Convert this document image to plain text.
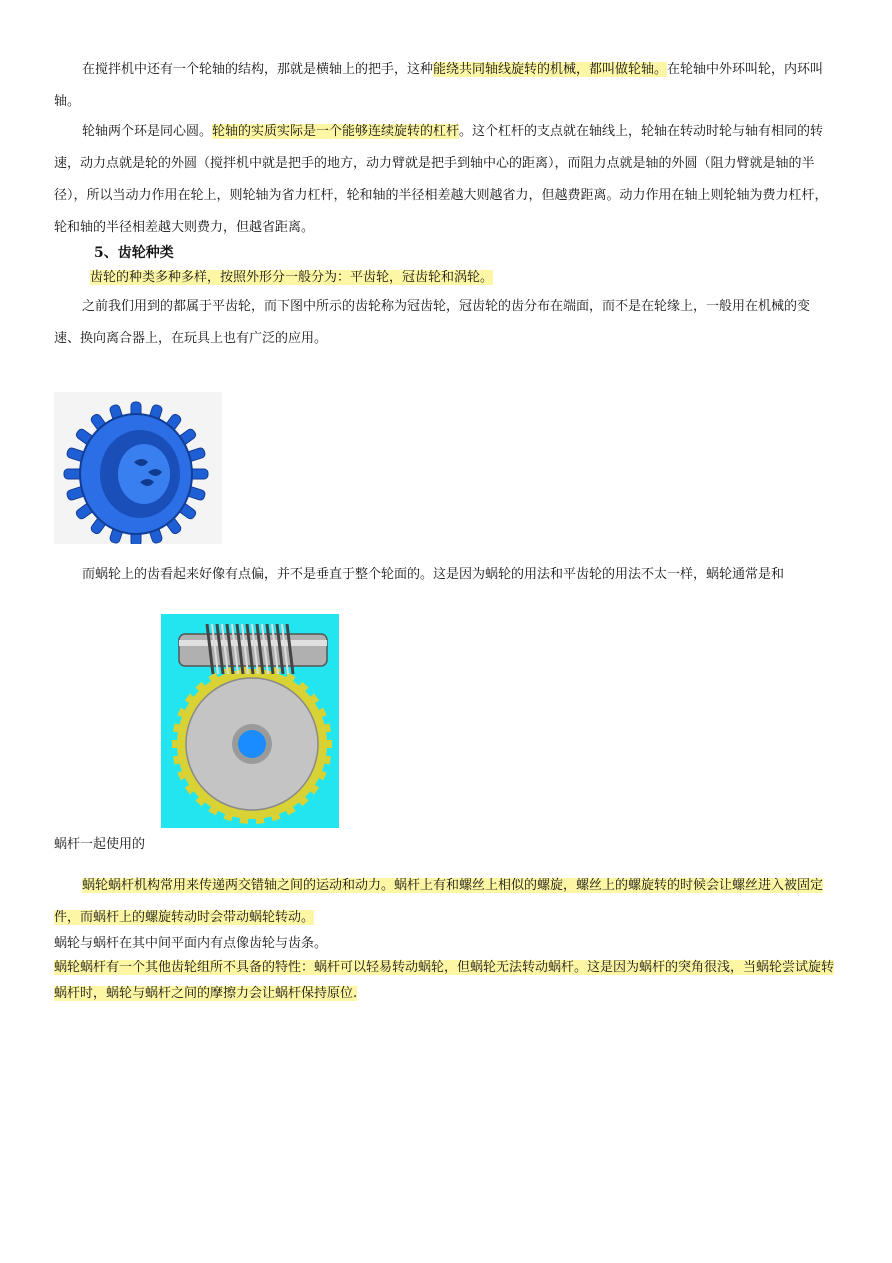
在搅拌机中还有一个轮轴的结构，那就是横轴上的把手，这种能绕共同轴线旋转的机械，都叫做轮轴。在轮轴中外环叫轮，内环叫轴。

轮轴两个环是同心圆。轮轴的实质实际是一个能够连续旋转的杠杆。这个杠杆的支点就在轴线上，轮轴在转动时轮与轴有相同的转速，动力点就是轮的外圆（搅拌机中就是把手的地方，动力臂就是把手到轴中心的距离），而阻力点就是轴的外圆（阻力臂就是轴的半径），所以当动力作用在轮上，则轮轴为省力杠杆，轮和轴的半径相差越大则越省力，但越费距离。动力作用在轴上则轮轴为费力杠杆，轮和轴的半径相差越大则费力，但越省距离。

5、齿轮种类

齿轮的种类多种多样，按照外形分一般分为：平齿轮，冠齿轮和涡轮。

之前我们用到的都属于平齿轮，而下图中所示的齿轮称为冠齿轮，冠齿轮的齿分布在端面，而不是在轮缘上，一般用在机械的变速、换向离合器上，在玩具上也有广泛的应用。

而蜗轮上的齿看起来好像有点偏，并不是垂直于整个轮面的。这是因为蜗轮的用法和平齿轮的用法不太一样，蜗轮通常是和

蜗杆一起使用的

蜗轮蜗杆机构常用来传递两交错轴之间的运动和动力。蜗杆上有和螺丝上相似的螺旋，螺丝上的螺旋转的时候会让螺丝进入被固定件，而蜗杆上的螺旋转动时会带动蜗轮转动。

蜗轮与蜗杆在其中间平面内有点像齿轮与齿条。

蜗轮蜗杆有一个其他齿轮组所不具备的特性：蜗杆可以轻易转动蜗轮，但蜗轮无法转动蜗杆。这是因为蜗杆的突角很浅，当蜗轮尝试旋转蜗杆时，蜗轮与蜗杆之间的摩擦力会让蜗杆保持原位.
